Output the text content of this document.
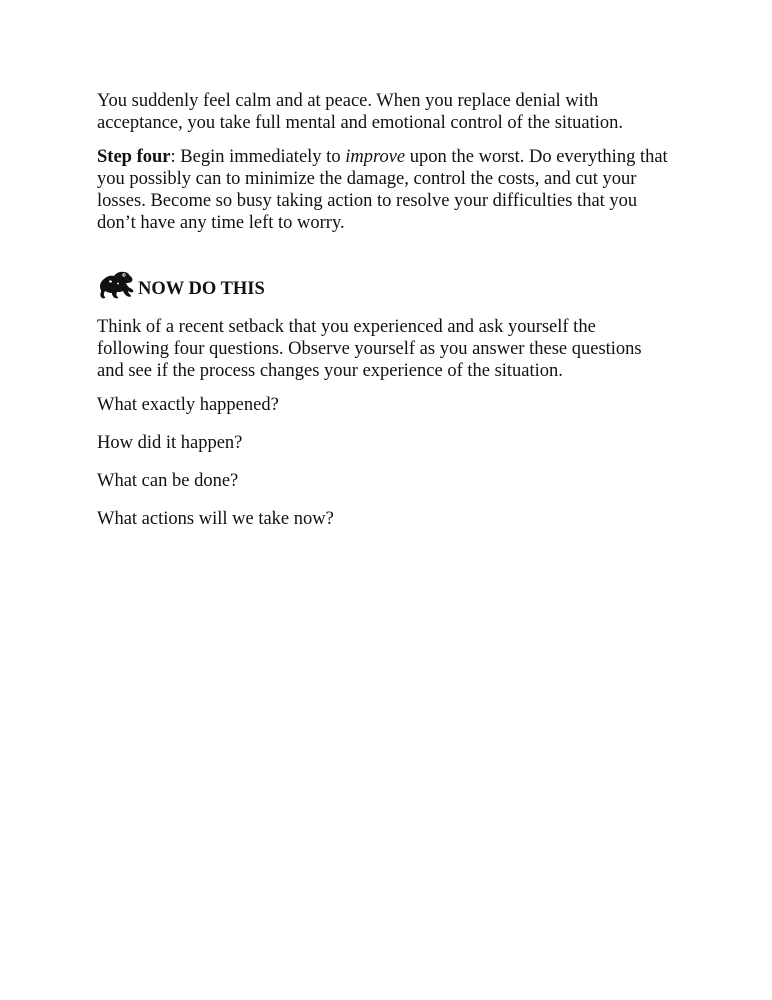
You suddenly feel calm and at peace. When you replace denial with acceptance, you take full mental and emotional control of the situation.

Step four: Begin immediately to improve upon the worst. Do everything that you possibly can to minimize the damage, control the costs, and cut your losses. Become so busy taking action to resolve your difficulties that you don’t have any time left to worry.

NOW DO THIS

Think of a recent setback that you experienced and ask yourself the following four questions. Observe yourself as you answer these questions and see if the process changes your experience of the situation.

What exactly happened?

How did it happen?

What can be done?

What actions will we take now?
